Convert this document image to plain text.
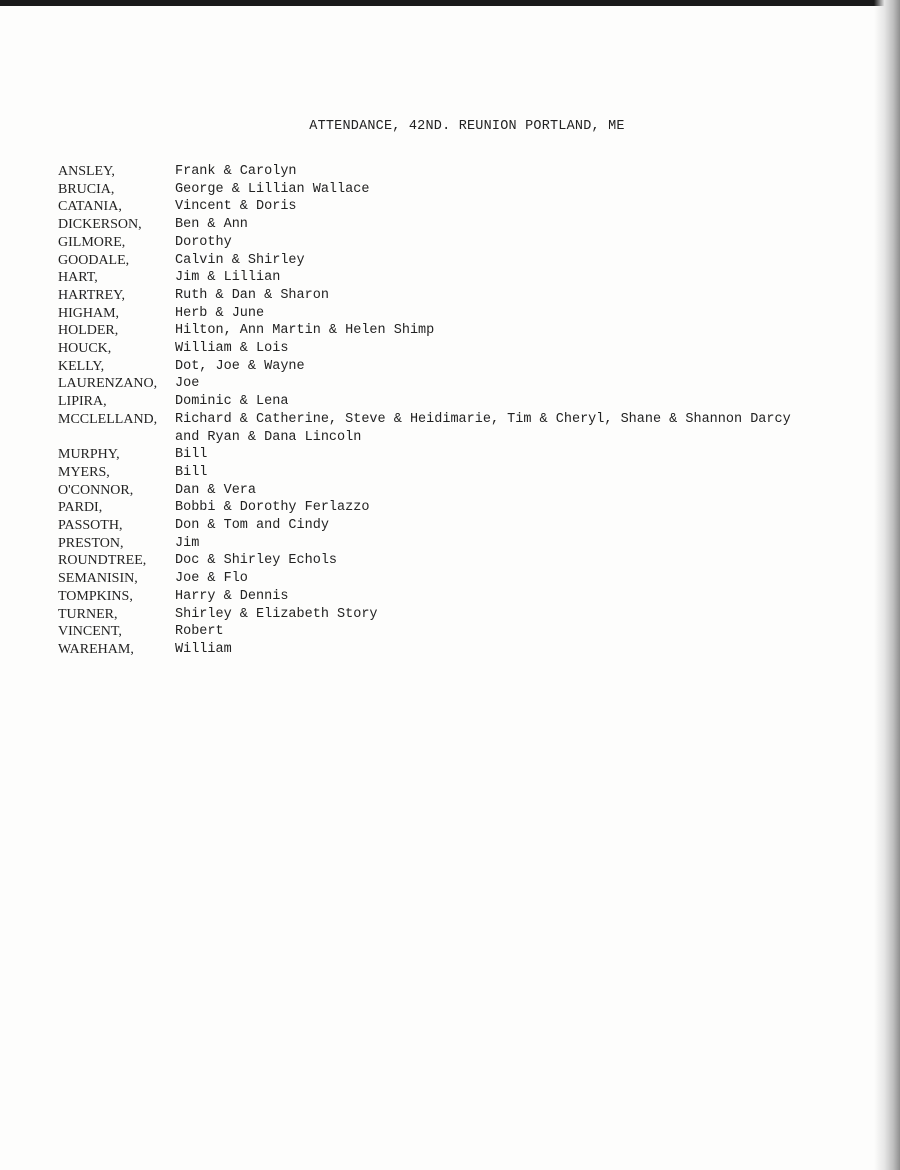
ATTENDANCE, 42ND. REUNION PORTLAND, ME
ANSLEY,	Frank & Carolyn
BRUCIA,	George & Lillian Wallace
CATANIA,	Vincent & Doris
DICKERSON,	Ben & Ann
GILMORE,	Dorothy
GOODALE,	Calvin & Shirley
HART,	Jim & Lillian
HARTREY,	Ruth & Dan & Sharon
HIGHAM,	Herb & June
HOLDER,	Hilton, Ann Martin & Helen Shimp
HOUCK,	William & Lois
KELLY,	Dot, Joe & Wayne
LAURENZANO,	Joe
LIPIRA,	Dominic & Lena
MCCLELLAND,	Richard & Catherine, Steve & Heidimarie, Tim & Cheryl, Shane & Shannon Darcy
and Ryan & Dana Lincoln
MURPHY,	Bill
MYERS,	Bill
O'CONNOR,	Dan & Vera
PARDI,	Bobbi & Dorothy Ferlazzo
PASSOTH,	Don & Tom and Cindy
PRESTON,	Jim
ROUNDTREE,	Doc & Shirley Echols
SEMANISIN,	Joe & Flo
TOMPKINS,	Harry & Dennis
TURNER,	Shirley & Elizabeth Story
VINCENT,	Robert
WAREHAM,	William
